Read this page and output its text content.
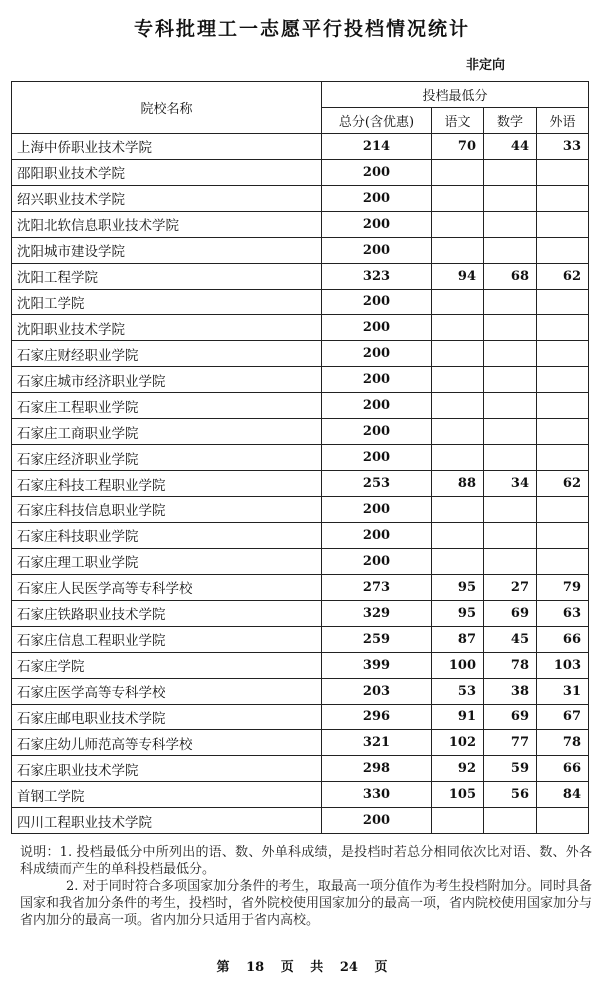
专科批理工一志愿平行投档情况统计
非定向
院校名称	投档最低分			
	总分(含优惠)	语文	数学	外语
上海中侨职业技术学院	214	70	44	33
邵阳职业技术学院	200			
绍兴职业技术学院	200			
沈阳北软信息职业技术学院	200			
沈阳城市建设学院	200			
沈阳工程学院	323	94	68	62
沈阳工学院	200			
沈阳职业技术学院	200			
石家庄财经职业学院	200			
石家庄城市经济职业学院	200			
石家庄工程职业学院	200			
石家庄工商职业学院	200			
石家庄经济职业学院	200			
石家庄科技工程职业学院	253	88	34	62
石家庄科技信息职业学院	200			
石家庄科技职业学院	200			
石家庄理工职业学院	200			
石家庄人民医学高等专科学校	273	95	27	79
石家庄铁路职业技术学院	329	95	69	63
石家庄信息工程职业学院	259	87	45	66
石家庄学院	399	100	78	103
石家庄医学高等专科学校	203	53	38	31
石家庄邮电职业技术学院	296	91	69	67
石家庄幼儿师范高等专科学校	321	102	77	78
石家庄职业技术学院	298	92	59	66
首钢工学院	330	105	56	84
四川工程职业技术学院	200			

说明：1. 投档最低分中所列出的语、数、外单科成绩，是投档时若总分相同依次比对语、数、外各科成绩而产生的单科投档最低分。

2. 对于同时符合多项国家加分条件的考生，取最高一项分值作为考生投档附加分。同时具备国家和我省加分条件的考生，投档时，省外院校使用国家加分的最高一项，省内院校使用国家加分与省内加分的最高一项。省内加分只适用于省内高校。

第 18 页 共 24 页
